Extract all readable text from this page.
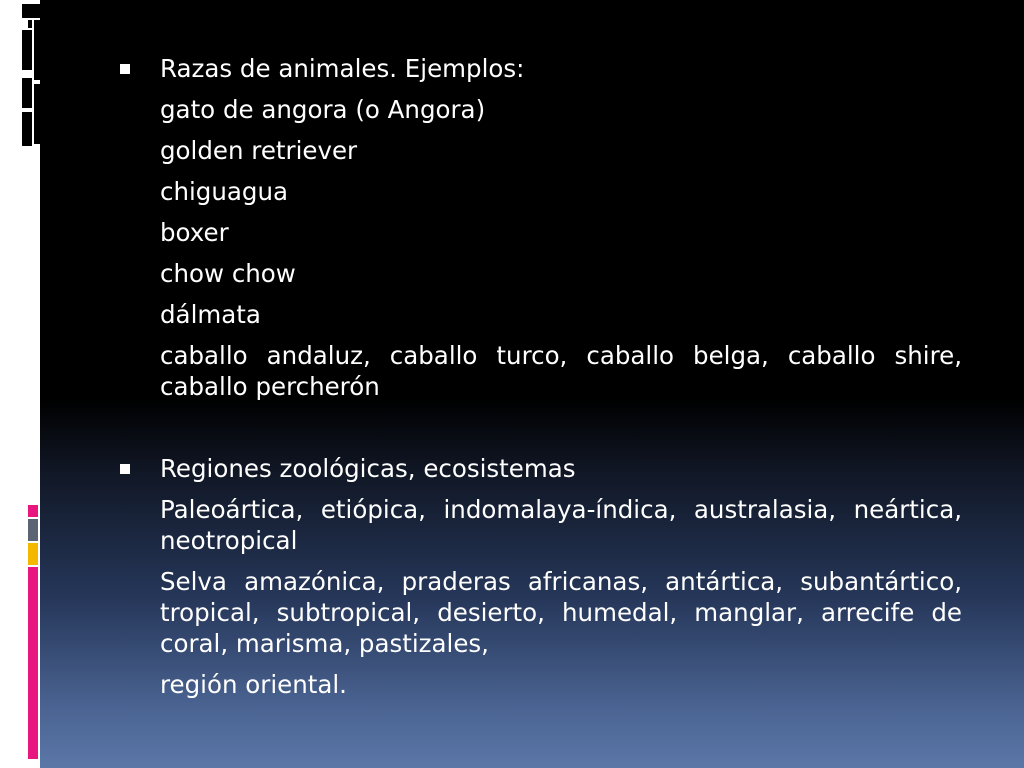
Razas de animales. Ejemplos:
gato de angora (o Angora)
golden retriever
chiguagua
boxer
chow chow
dálmata
caballo andaluz, caballo turco, caballo belga, caballo shire, caballo percherón
Regiones zoológicas, ecosistemas
Paleoártica, etiópica, indomalaya-índica, australasia, neártica, neotropical
Selva amazónica, praderas africanas, antártica, subantártico, tropical, subtropical, desierto, humedal, manglar, arrecife de coral, marisma, pastizales,
región oriental.
